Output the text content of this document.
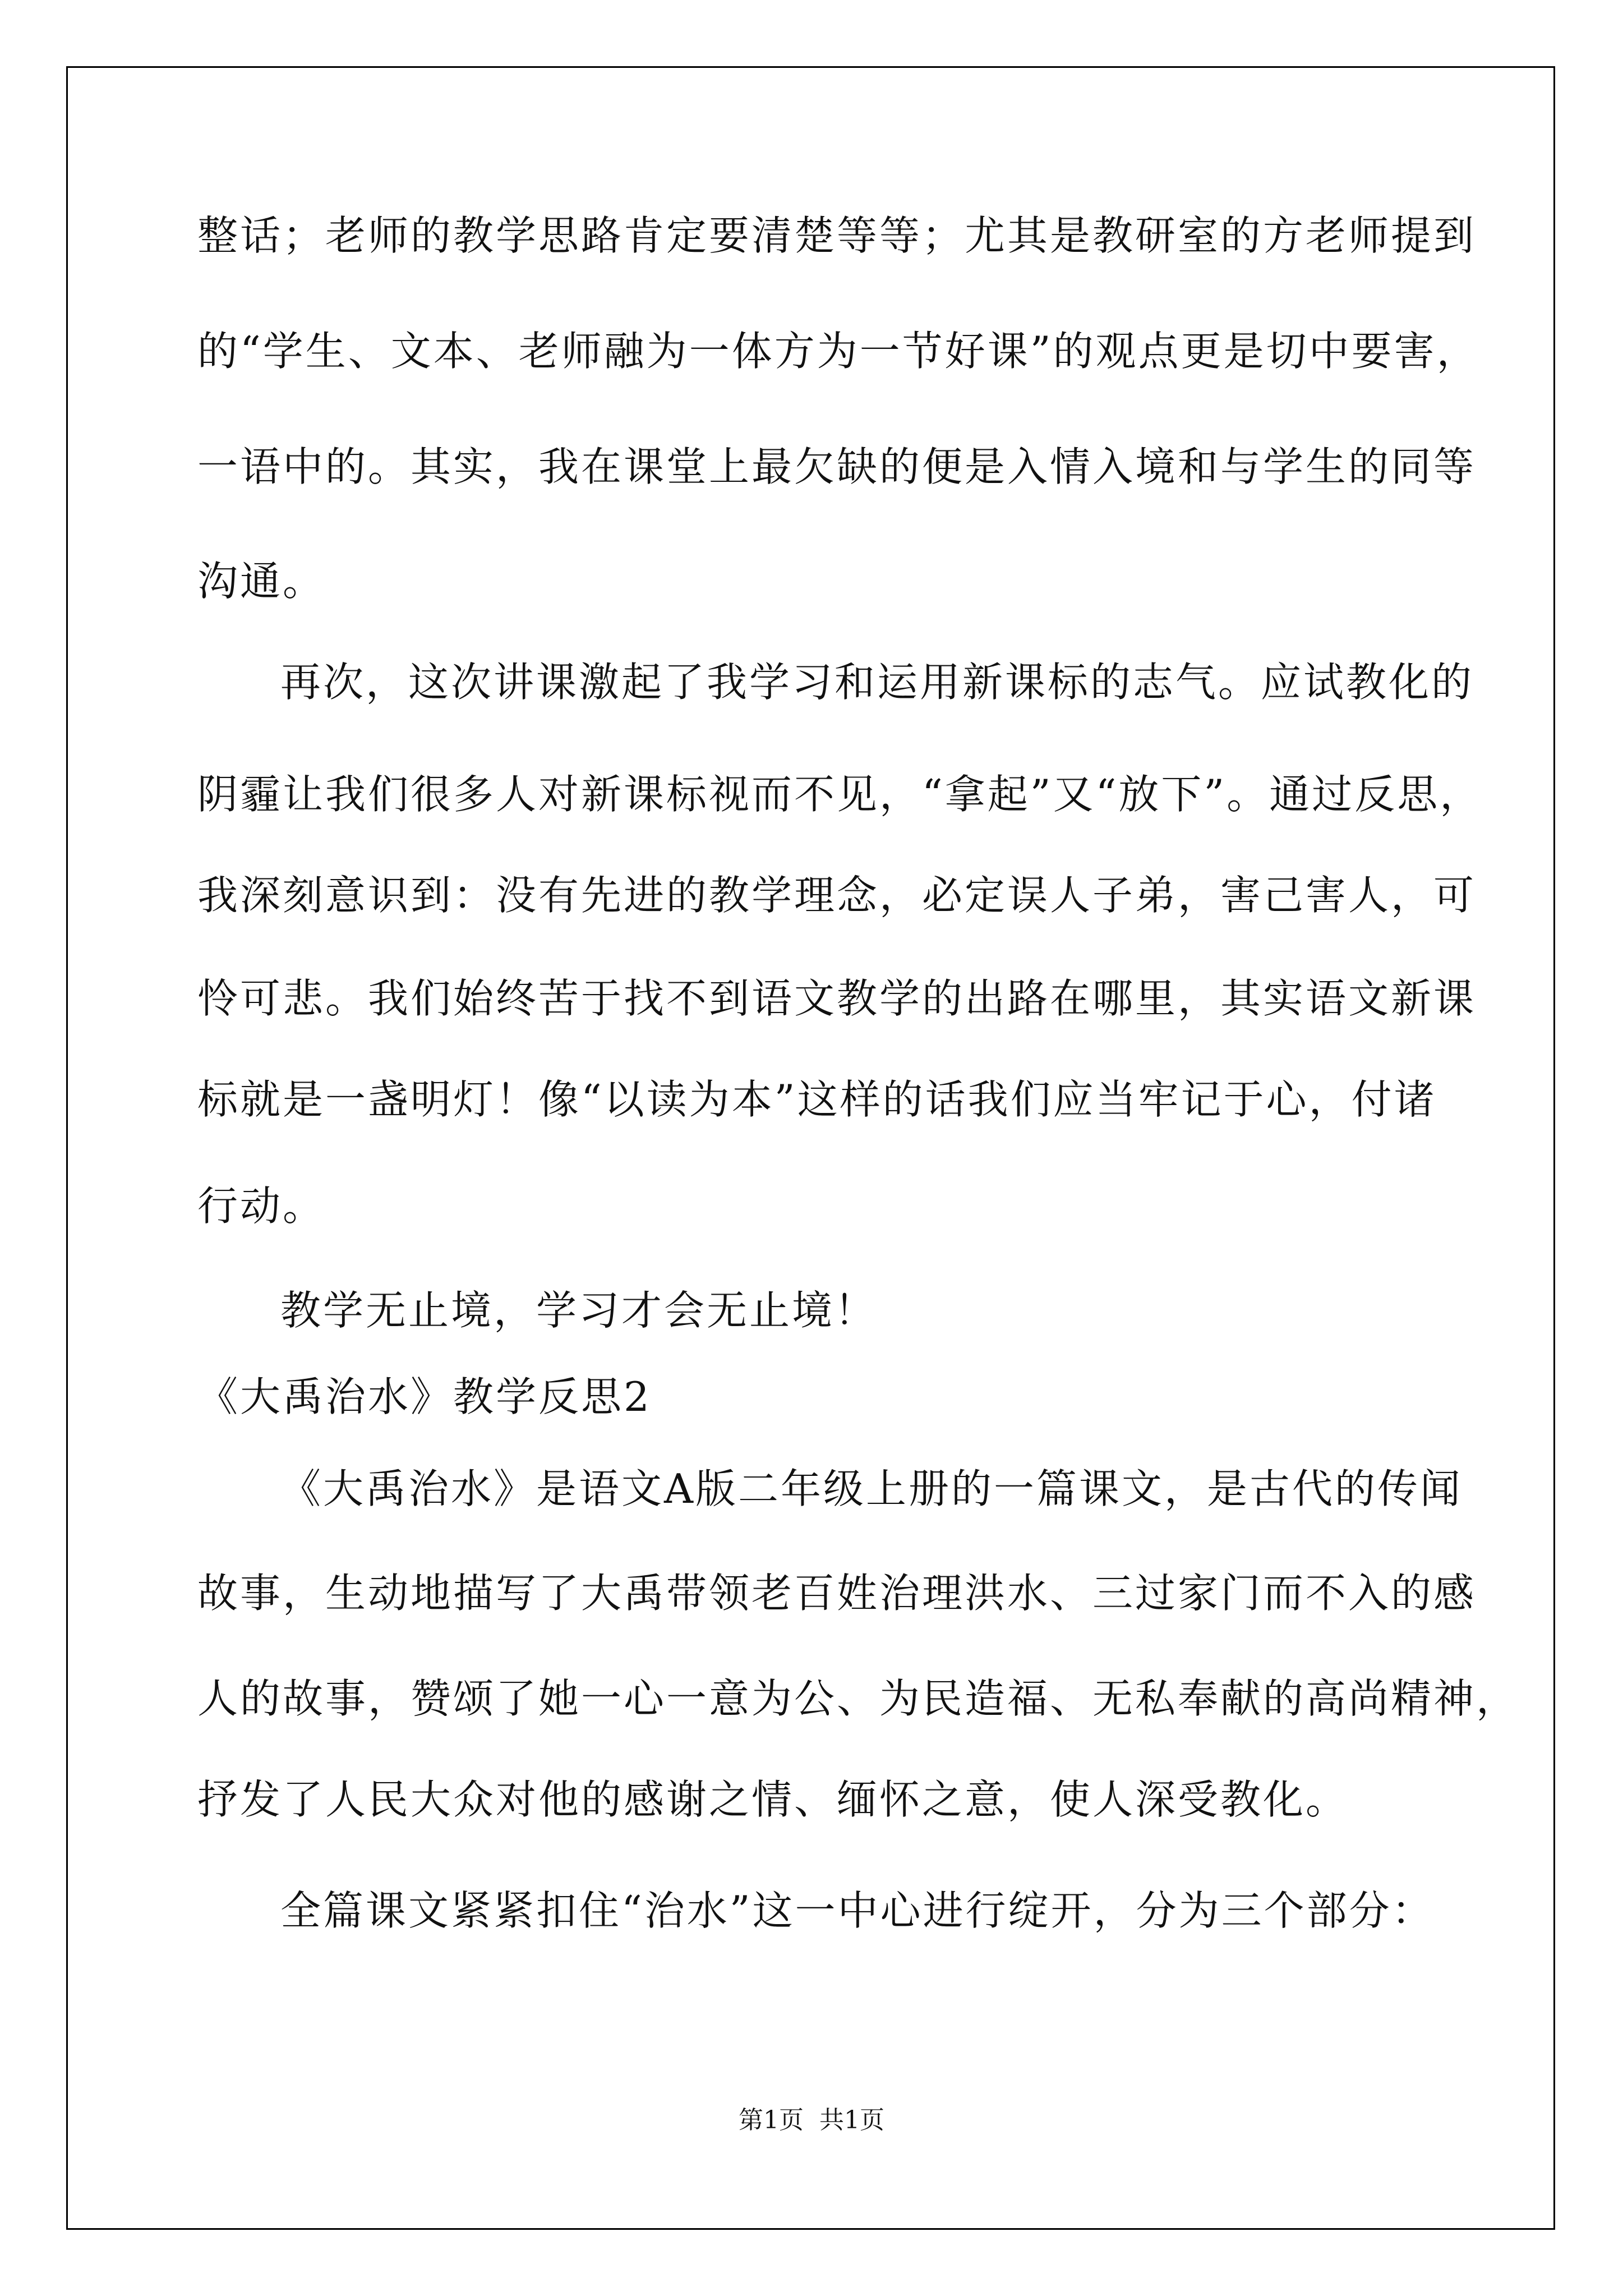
整话；老师的教学思路肯定要清楚等等；尤其是教研室的方老师提到
的“学生、文本、老师融为一体方为一节好课”的观点更是切中要害，
一语中的。其实，我在课堂上最欠缺的便是入情入境和与学生的同等
沟通。
再次，这次讲课激起了我学习和运用新课标的志气。应试教化的
阴霾让我们很多人对新课标视而不见，“拿起”又“放下”。通过反思，
我深刻意识到：没有先进的教学理念，必定误人子弟，害己害人，可
怜可悲。我们始终苦于找不到语文教学的出路在哪里，其实语文新课
标就是一盏明灯！像“以读为本”这样的话我们应当牢记于心，付诸
行动。
教学无止境，学习才会无止境！
《大禹治水》教学反思2
《大禹治水》是语文A版二年级上册的一篇课文，是古代的传闻
故事，生动地描写了大禹带领老百姓治理洪水、三过家门而不入的感
人的故事，赞颂了她一心一意为公、为民造福、无私奉献的高尚精神，
抒发了人民大众对他的感谢之情、缅怀之意，使人深受教化。
全篇课文紧紧扣住“治水”这一中心进行绽开，分为三个部分：
第1页  共1页
